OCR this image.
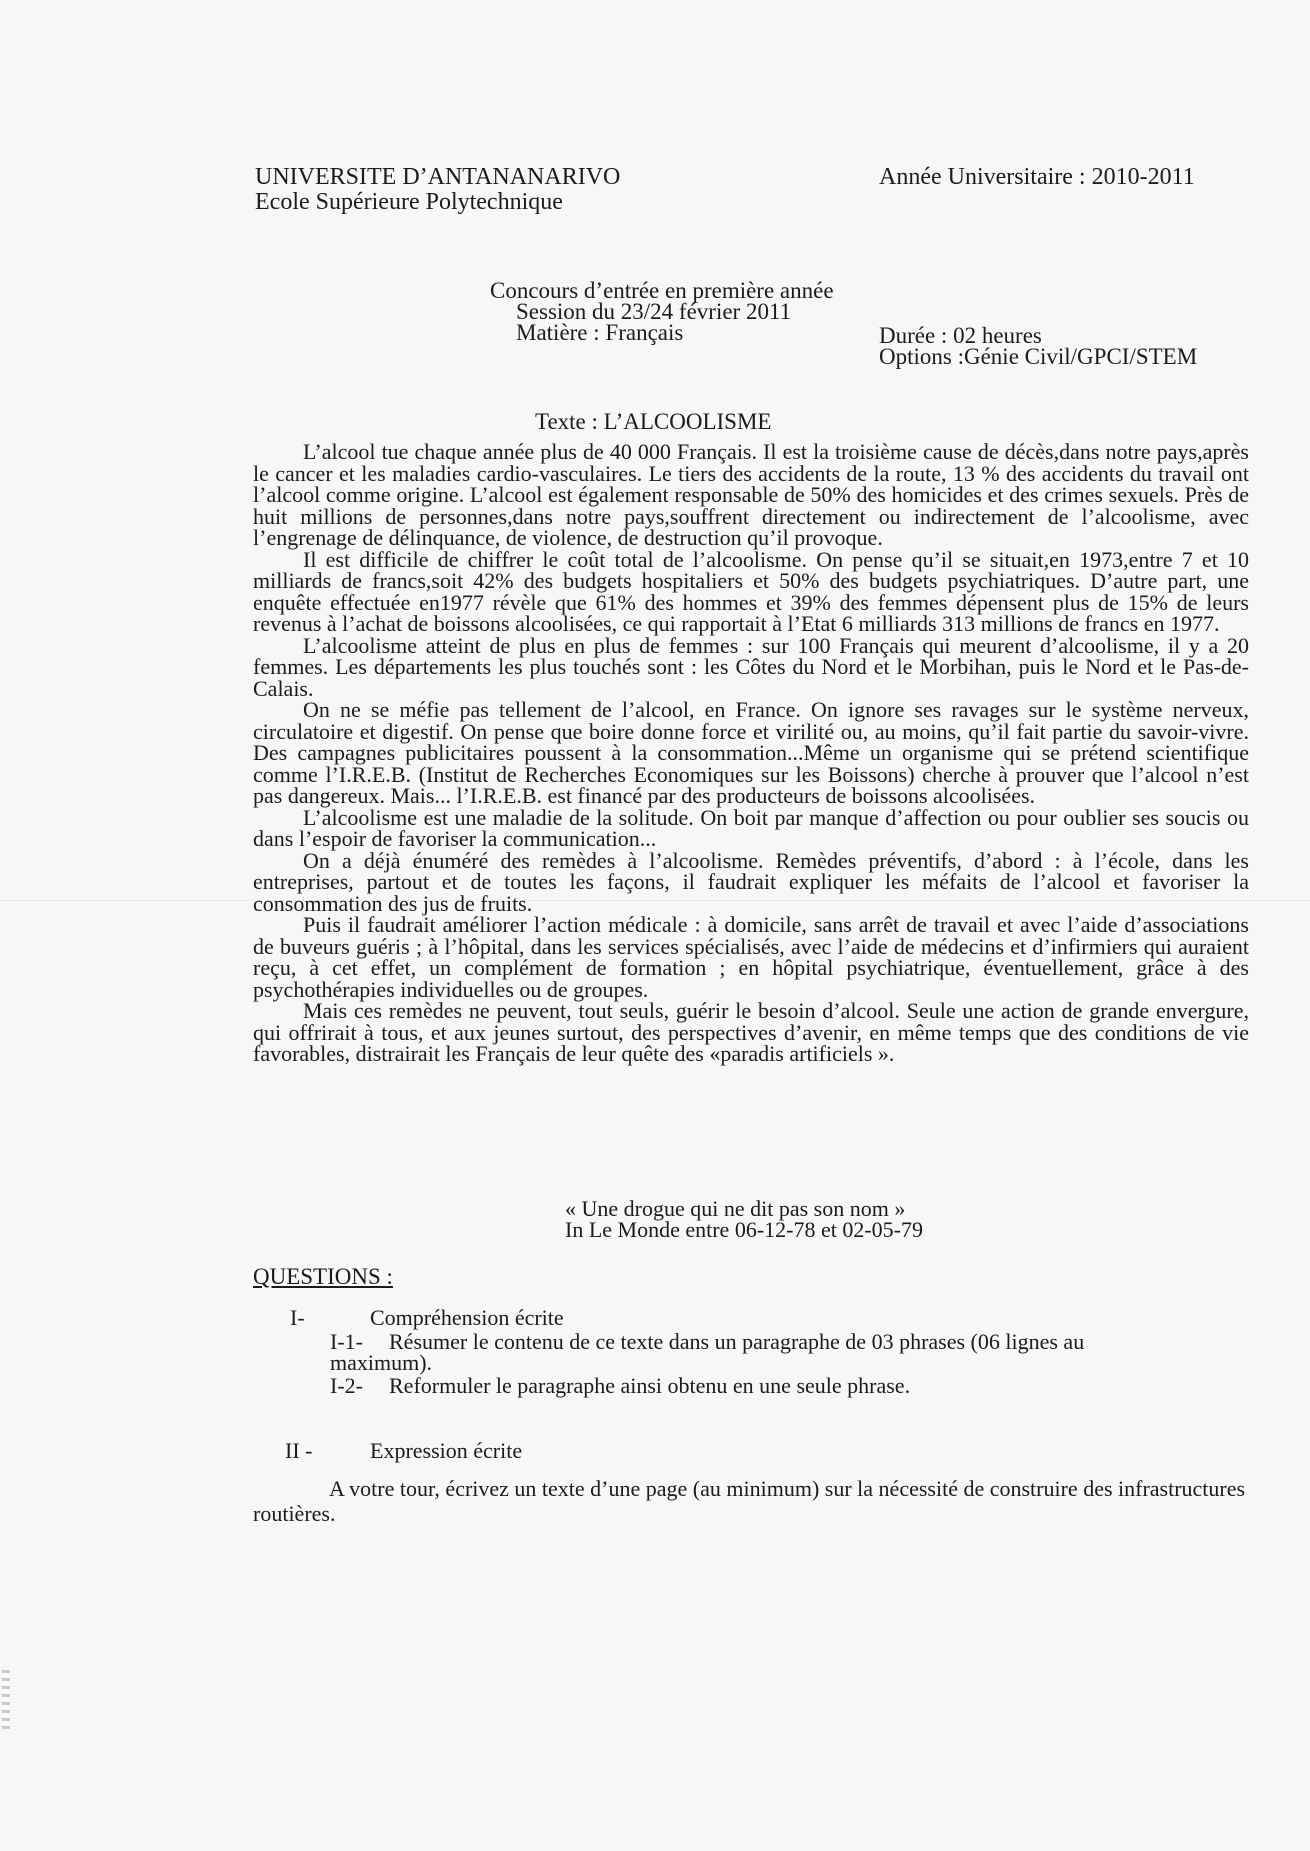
UNIVERSITE D’ANTANANARIVO
Ecole Supérieure Polytechnique
Année Universitaire : 2010-2011
Concours d’entrée en première année
Session du 23/24 février 2011
Matière : Français	Durée : 02 heures
Options :Génie Civil/GPCI/STEM
Texte : L’ALCOOLISME

L’alcool tue chaque année plus de 40 000 Français. Il est la troisième cause de décès,dans notre pays,après le cancer et les maladies cardio-vasculaires. Le tiers des accidents de la route, 13 % des accidents du travail ont l’alcool comme origine. L’alcool est également responsable de 50% des homicides et des crimes sexuels. Près de huit millions de personnes,dans notre pays,souffrent directement ou indirectement de l’alcoolisme, avec l’engrenage de délinquance, de violence, de destruction qu’il provoque.

Il est difficile de chiffrer le coût total de l’alcoolisme. On pense qu’il se situait,en 1973,entre 7 et 10 milliards de francs,soit 42% des budgets hospitaliers et 50% des budgets psychiatriques. D’autre part, une enquête effectuée en1977 révèle que 61% des hommes et 39% des femmes dépensent plus de 15% de leurs revenus à l’achat de boissons alcoolisées, ce qui rapportait à l’Etat 6 milliards 313 millions de francs en 1977.

L’alcoolisme atteint de plus en plus de femmes : sur 100 Français qui meurent d’alcoolisme, il y a 20 femmes. Les départements les plus touchés sont : les Côtes du Nord et le Morbihan, puis le Nord et le Pas-de-Calais.

On ne se méfie pas tellement de l’alcool, en France. On ignore ses ravages sur le système nerveux, circulatoire et digestif. On pense que boire donne force et virilité ou, au moins, qu’il fait partie du savoir-vivre. Des campagnes publicitaires poussent à la consommation...Même un organisme qui se prétend scientifique comme l’I.R.E.B. (Institut de Recherches Economiques sur les Boissons) cherche à prouver que l’alcool n’est pas dangereux. Mais... l’I.R.E.B. est financé par des producteurs de boissons alcoolisées.

L’alcoolisme est une maladie de la solitude. On boit par manque d’affection ou pour oublier ses soucis ou dans l’espoir de favoriser la communication...

On a déjà énuméré des remèdes à l’alcoolisme. Remèdes préventifs, d’abord : à l’école, dans les entreprises, partout et de toutes les façons, il faudrait expliquer les méfaits de l’alcool et favoriser la consommation des jus de fruits.

Puis il faudrait améliorer l’action médicale : à domicile, sans arrêt de travail et avec l’aide d’associations de buveurs guéris ; à l’hôpital, dans les services spécialisés, avec l’aide de médecins et d’infirmiers qui auraient reçu, à cet effet, un complément de formation ; en hôpital psychiatrique, éventuellement, grâce à des psychothérapies individuelles ou de groupes.

Mais ces remèdes ne peuvent, tout seuls, guérir le besoin d’alcool. Seule une action de grande envergure, qui offrirait à tous, et aux jeunes surtout, des perspectives d’avenir, en même temps que des conditions de vie favorables, distrairait les Français de leur quête des «paradis artificiels ».

« Une drogue qui ne dit pas son nom »
In Le Monde entre 06-12-78 et 02-05-79
QUESTIONS :
I-	Compréhension écrite
I-1- Résumer le contenu de ce texte dans un paragraphe de 03 phrases (06 lignes au
maximum).
I-2- Reformuler le paragraphe ainsi obtenu en une seule phrase.
II -	Expression écrite

A votre tour, écrivez un texte d’une page (au minimum) sur la nécessité de construire des infrastructures routières.
